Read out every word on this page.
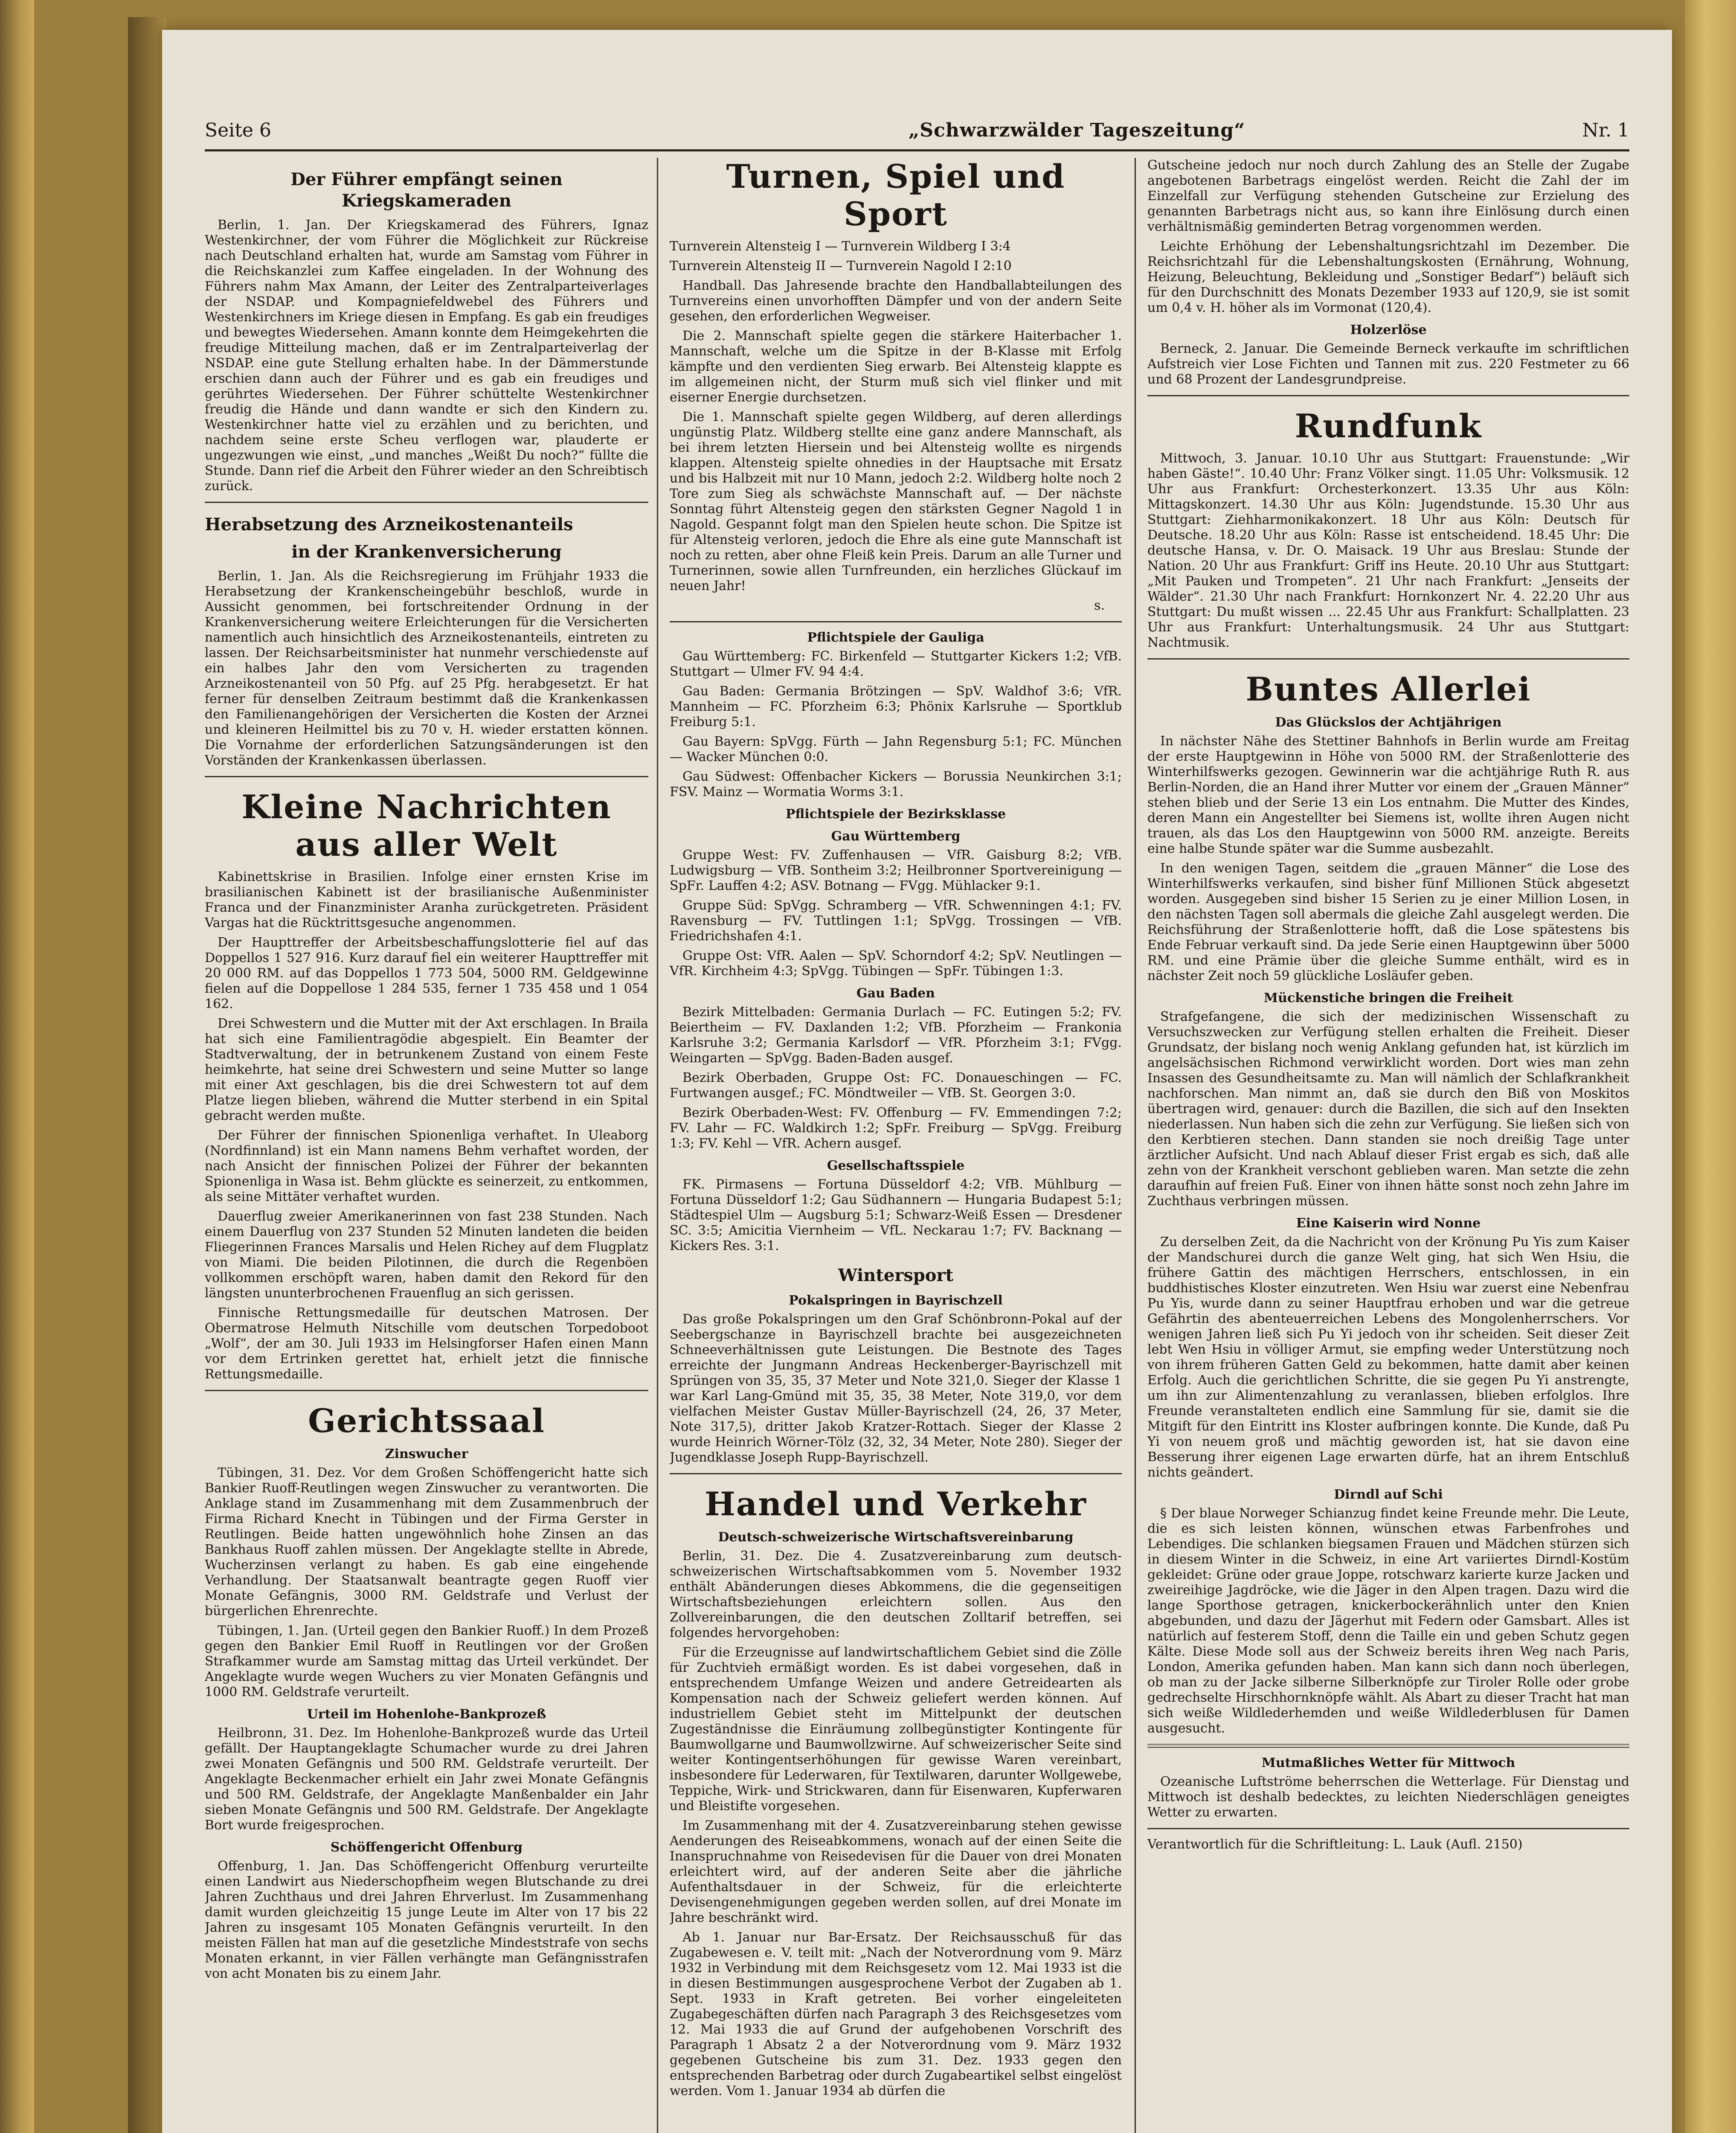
Seite 6	„Schwarzwälder Tageszeitung“	Nr. 1
Der Führer empfängt seinen Kriegskameraden

Berlin, 1. Jan. Der Kriegskamerad des Führers, Ignaz Westenkirchner, der vom Führer die Möglichkeit zur Rückreise nach Deutschland erhalten hat, wurde am Samstag vom Führer in die Reichskanzlei zum Kaffee eingeladen. In der Wohnung des Führers nahm Max Amann, der Leiter des Zentralparteiverlages der NSDAP. und Kompagniefeldwebel des Führers und Westenkirchners im Kriege diesen in Empfang. Es gab ein freudiges und bewegtes Wiedersehen. Amann konnte dem Heimgekehrten die freudige Mitteilung machen, daß er im Zentralparteiverlag der NSDAP. eine gute Stellung erhalten habe. In der Dämmerstunde erschien dann auch der Führer und es gab ein freudiges und gerührtes Wiedersehen. Der Führer schüttelte Westenkirchner freudig die Hände und dann wandte er sich den Kindern zu. Westenkirchner hatte viel zu erzählen und zu berichten, und nachdem seine erste Scheu verflogen war, plauderte er ungezwungen wie einst, „und manches „Weißt Du noch?“ füllte die Stunde. Dann rief die Arbeit den Führer wieder an den Schreibtisch zurück.

Herabsetzung des Arzneikostenanteils
in der Krankenversicherung

Berlin, 1. Jan. Als die Reichsregierung im Frühjahr 1933 die Herabsetzung der Krankenscheingebühr beschloß, wurde in Aussicht genommen, bei fortschreitender Ordnung in der Krankenversicherung weitere Erleichterungen für die Versicherten namentlich auch hinsichtlich des Arzneikostenanteils, eintreten zu lassen. Der Reichsarbeitsminister hat nunmehr verschiedenste auf ein halbes Jahr den vom Versicherten zu tragenden Arzneikostenanteil von 50 Pfg. auf 25 Pfg. herabgesetzt. Er hat ferner für denselben Zeitraum bestimmt daß die Krankenkassen den Familienangehörigen der Versicherten die Kosten der Arznei und kleineren Heilmittel bis zu 70 v. H. wieder erstatten können. Die Vornahme der erforderlichen Satzungsänderungen ist den Vorständen der Krankenkassen überlassen.

Kleine Nachrichten aus aller Welt

Kabinettskrise in Brasilien. Infolge einer ernsten Krise im brasilianischen Kabinett ist der brasilianische Außenminister Franca und der Finanzminister Aranha zurückgetreten. Präsident Vargas hat die Rücktrittsgesuche angenommen.

Der Haupttreffer der Arbeitsbeschaffungslotterie fiel auf das Doppellos 1 527 916. Kurz darauf fiel ein weiterer Haupttreffer mit 20 000 RM. auf das Doppellos 1 773 504, 5000 RM. Geldgewinne fielen auf die Doppellose 1 284 535, ferner 1 735 458 und 1 054 162.

Drei Schwestern und die Mutter mit der Axt erschlagen. In Braila hat sich eine Familientragödie abgespielt. Ein Beamter der Stadtverwaltung, der in betrunkenem Zustand von einem Feste heimkehrte, hat seine drei Schwestern und seine Mutter so lange mit einer Axt geschlagen, bis die drei Schwestern tot auf dem Platze liegen blieben, während die Mutter sterbend in ein Spital gebracht werden mußte.

Der Führer der finnischen Spionenliga verhaftet. In Uleaborg (Nordfinnland) ist ein Mann namens Behm verhaftet worden, der nach Ansicht der finnischen Polizei der Führer der bekannten Spionenliga in Wasa ist. Behm glückte es seinerzeit, zu entkommen, als seine Mittäter verhaftet wurden.

Dauerflug zweier Amerikanerinnen von fast 238 Stunden. Nach einem Dauerflug von 237 Stunden 52 Minuten landeten die beiden Fliegerinnen Frances Marsalis und Helen Richey auf dem Flugplatz von Miami. Die beiden Pilotinnen, die durch die Regenböen vollkommen erschöpft waren, haben damit den Rekord für den längsten ununterbrochenen Frauenflug an sich gerissen.

Finnische Rettungsmedaille für deutschen Matrosen. Der Obermatrose Helmuth Nitschille vom deutschen Torpedoboot „Wolf“, der am 30. Juli 1933 im Helsingforser Hafen einen Mann vor dem Ertrinken gerettet hat, erhielt jetzt die finnische Rettungsmedaille.

Gerichtssaal
Zinswucher

Tübingen, 31. Dez. Vor dem Großen Schöffengericht hatte sich Bankier Ruoff-Reutlingen wegen Zinswucher zu verantworten. Die Anklage stand im Zusammenhang mit dem Zusammenbruch der Firma Richard Knecht in Tübingen und der Firma Gerster in Reutlingen. Beide hatten ungewöhnlich hohe Zinsen an das Bankhaus Ruoff zahlen müssen. Der Angeklagte stellte in Abrede, Wucherzinsen verlangt zu haben. Es gab eine eingehende Verhandlung. Der Staatsanwalt beantragte gegen Ruoff vier Monate Gefängnis, 3000 RM. Geldstrafe und Verlust der bürgerlichen Ehrenrechte.

Tübingen, 1. Jan. (Urteil gegen den Bankier Ruoff.) In dem Prozeß gegen den Bankier Emil Ruoff in Reutlingen vor der Großen Strafkammer wurde am Samstag mittag das Urteil verkündet. Der Angeklagte wurde wegen Wuchers zu vier Monaten Gefängnis und 1000 RM. Geldstrafe verurteilt.

Urteil im Hohenlohe-Bankprozeß

Heilbronn, 31. Dez. Im Hohenlohe-Bankprozeß wurde das Urteil gefällt. Der Hauptangeklagte Schumacher wurde zu drei Jahren zwei Monaten Gefängnis und 500 RM. Geldstrafe verurteilt. Der Angeklagte Beckenmacher erhielt ein Jahr zwei Monate Gefängnis und 500 RM. Geldstrafe, der Angeklagte Manßenbalder ein Jahr sieben Monate Gefängnis und 500 RM. Geldstrafe. Der Angeklagte Bort wurde freigesprochen.

Schöffengericht Offenburg

Offenburg, 1. Jan. Das Schöffengericht Offenburg verurteilte einen Landwirt aus Niederschopfheim wegen Blutschande zu drei Jahren Zuchthaus und drei Jahren Ehrverlust. Im Zusammenhang damit wurden gleichzeitig 15 junge Leute im Alter von 17 bis 22 Jahren zu insgesamt 105 Monaten Gefängnis verurteilt. In den meisten Fällen hat man auf die gesetzliche Mindeststrafe von sechs Monaten erkannt, in vier Fällen verhängte man Gefängnisstrafen von acht Monaten bis zu einem Jahr.

Turnen, Spiel und Sport

Turnverein Altensteig I — Turnverein Wildberg I 3:4

Turnverein Altensteig II — Turnverein Nagold I 2:10

Handball. Das Jahresende brachte den Handballabteilungen des Turnvereins einen unvorhofften Dämpfer und von der andern Seite gesehen, den erforderlichen Wegweiser.

Die 2. Mannschaft spielte gegen die stärkere Haiterbacher 1. Mannschaft, welche um die Spitze in der B-Klasse mit Erfolg kämpfte und den verdienten Sieg erwarb. Bei Altensteig klappte es im allgemeinen nicht, der Sturm muß sich viel flinker und mit eiserner Energie durchsetzen.

Die 1. Mannschaft spielte gegen Wildberg, auf deren allerdings ungünstig Platz. Wildberg stellte eine ganz andere Mannschaft, als bei ihrem letzten Hiersein und bei Altensteig wollte es nirgends klappen. Altensteig spielte ohnedies in der Hauptsache mit Ersatz und bis Halbzeit mit nur 10 Mann, jedoch 2:2. Wildberg holte noch 2 Tore zum Sieg als schwächste Mannschaft auf. — Der nächste Sonntag führt Altensteig gegen den stärksten Gegner Nagold 1 in Nagold. Gespannt folgt man den Spielen heute schon. Die Spitze ist für Altensteig verloren, jedoch die Ehre als eine gute Mannschaft ist noch zu retten, aber ohne Fleiß kein Preis. Darum an alle Turner und Turnerinnen, sowie allen Turnfreunden, ein herzliches Glückauf im neuen Jahr!

s.
Pflichtspiele der Gauliga

Gau Württemberg: FC. Birkenfeld — Stuttgarter Kickers 1:2; VfB. Stuttgart — Ulmer FV. 94 4:4.

Gau Baden: Germania Brötzingen — SpV. Waldhof 3:6; VfR. Mannheim — FC. Pforzheim 6:3; Phönix Karlsruhe — Sportklub Freiburg 5:1.

Gau Bayern: SpVgg. Fürth — Jahn Regensburg 5:1; FC. München — Wacker München 0:0.

Gau Südwest: Offenbacher Kickers — Borussia Neunkirchen 3:1; FSV. Mainz — Wormatia Worms 3:1.

Pflichtspiele der Bezirksklasse
Gau Württemberg

Gruppe West: FV. Zuffenhausen — VfR. Gaisburg 8:2; VfB. Ludwigsburg — VfB. Sontheim 3:2; Heilbronner Sportvereinigung — SpFr. Lauffen 4:2; ASV. Botnang — FVgg. Mühlacker 9:1.

Gruppe Süd: SpVgg. Schramberg — VfR. Schwenningen 4:1; FV. Ravensburg — FV. Tuttlingen 1:1; SpVgg. Trossingen — VfB. Friedrichshafen 4:1.

Gruppe Ost: VfR. Aalen — SpV. Schorndorf 4:2; SpV. Neutlingen — VfR. Kirchheim 4:3; SpVgg. Tübingen — SpFr. Tübingen 1:3.

Gau Baden

Bezirk Mittelbaden: Germania Durlach — FC. Eutingen 5:2; FV. Beiertheim — FV. Daxlanden 1:2; VfB. Pforzheim — Frankonia Karlsruhe 3:2; Germania Karlsdorf — VfR. Pforzheim 3:1; FVgg. Weingarten — SpVgg. Baden-Baden ausgef.

Bezirk Oberbaden, Gruppe Ost: FC. Donaueschingen — FC. Furtwangen ausgef.; FC. Möndtweiler — VfB. St. Georgen 3:0.

Bezirk Oberbaden-West: FV. Offenburg — FV. Emmendingen 7:2; FV. Lahr — FC. Waldkirch 1:2; SpFr. Freiburg — SpVgg. Freiburg 1:3; FV. Kehl — VfR. Achern ausgef.

Gesellschaftsspiele

FK. Pirmasens — Fortuna Düsseldorf 4:2; VfB. Mühlburg — Fortuna Düsseldorf 1:2; Gau Südhannern — Hungaria Budapest 5:1; Städtespiel Ulm — Augsburg 5:1; Schwarz-Weiß Essen — Dresdener SC. 3:5; Amicitia Viernheim — VfL. Neckarau 1:7; FV. Backnang — Kickers Res. 3:1.

Wintersport
Pokalspringen in Bayrischzell

Das große Pokalspringen um den Graf Schönbronn-Pokal auf der Seebergschanze in Bayrischzell brachte bei ausgezeichneten Schneeverhältnissen gute Leistungen. Die Bestnote des Tages erreichte der Jungmann Andreas Heckenberger-Bayrischzell mit Sprüngen von 35, 35, 37 Meter und Note 321,0. Sieger der Klasse 1 war Karl Lang-Gmünd mit 35, 35, 38 Meter, Note 319,0, vor dem vielfachen Meister Gustav Müller-Bayrischzell (24, 26, 37 Meter, Note 317,5), dritter Jakob Kratzer-Rottach. Sieger der Klasse 2 wurde Heinrich Wörner-Tölz (32, 32, 34 Meter, Note 280). Sieger der Jugendklasse Joseph Rupp-Bayrischzell.

Handel und Verkehr
Deutsch-schweizerische Wirtschaftsvereinbarung

Berlin, 31. Dez. Die 4. Zusatzvereinbarung zum deutsch-schweizerischen Wirtschaftsabkommen vom 5. November 1932 enthält Abänderungen dieses Abkommens, die die gegenseitigen Wirtschaftsbeziehungen erleichtern sollen. Aus den Zollvereinbarungen, die den deutschen Zolltarif betreffen, sei folgendes hervorgehoben:

Für die Erzeugnisse auf landwirtschaftlichem Gebiet sind die Zölle für Zuchtvieh ermäßigt worden. Es ist dabei vorgesehen, daß in entsprechendem Umfange Weizen und andere Getreidearten als Kompensation nach der Schweiz geliefert werden können. Auf industriellem Gebiet steht im Mittelpunkt der deutschen Zugeständnisse die Einräumung zollbegünstigter Kontingente für Baumwollgarne und Baumwollzwirne. Auf schweizerischer Seite sind weiter Kontingentserhöhungen für gewisse Waren vereinbart, insbesondere für Lederwaren, für Textilwaren, darunter Wollgewebe, Teppiche, Wirk- und Strickwaren, dann für Eisenwaren, Kupferwaren und Bleistifte vorgesehen.

Im Zusammenhang mit der 4. Zusatzvereinbarung stehen gewisse Aenderungen des Reiseabkommens, wonach auf der einen Seite die Inanspruchnahme von Reisedevisen für die Dauer von drei Monaten erleichtert wird, auf der anderen Seite aber die jährliche Aufenthaltsdauer in der Schweiz, für die erleichterte Devisengenehmigungen gegeben werden sollen, auf drei Monate im Jahre beschränkt wird.

Ab 1. Januar nur Bar-Ersatz. Der Reichsausschuß für das Zugabewesen e. V. teilt mit: „Nach der Notverordnung vom 9. März 1932 in Verbindung mit dem Reichsgesetz vom 12. Mai 1933 ist die in diesen Bestimmungen ausgesprochene Verbot der Zugaben ab 1. Sept. 1933 in Kraft getreten. Bei vorher eingeleiteten Zugabegeschäften dürfen nach Paragraph 3 des Reichsgesetzes vom 12. Mai 1933 die auf Grund der aufgehobenen Vorschrift des Paragraph 1 Absatz 2 a der Notverordnung vom 9. März 1932 gegebenen Gutscheine bis zum 31. Dez. 1933 gegen den entsprechenden Barbetrag oder durch Zugabeartikel selbst eingelöst werden. Vom 1. Januar 1934 ab dürfen die

Gutscheine jedoch nur noch durch Zahlung des an Stelle der Zugabe angebotenen Barbetrags eingelöst werden. Reicht die Zahl der im Einzelfall zur Verfügung stehenden Gutscheine zur Erzielung des genannten Barbetrags nicht aus, so kann ihre Einlösung durch einen verhältnismäßig geminderten Betrag vorgenommen werden.

Leichte Erhöhung der Lebenshaltungsrichtzahl im Dezember. Die Reichsrichtzahl für die Lebenshaltungskosten (Ernährung, Wohnung, Heizung, Beleuchtung, Bekleidung und „Sonstiger Bedarf“) beläuft sich für den Durchschnitt des Monats Dezember 1933 auf 120,9, sie ist somit um 0,4 v. H. höher als im Vormonat (120,4).

Holzerlöse

Berneck, 2. Januar. Die Gemeinde Berneck verkaufte im schriftlichen Aufstreich vier Lose Fichten und Tannen mit zus. 220 Festmeter zu 66 und 68 Prozent der Landesgrundpreise.

Rundfunk

Mittwoch, 3. Januar. 10.10 Uhr aus Stuttgart: Frauenstunde: „Wir haben Gäste!“. 10.40 Uhr: Franz Völker singt. 11.05 Uhr: Volksmusik. 12 Uhr aus Frankfurt: Orchesterkonzert. 13.35 Uhr aus Köln: Mittagskonzert. 14.30 Uhr aus Köln: Jugendstunde. 15.30 Uhr aus Stuttgart: Ziehharmonikakonzert. 18 Uhr aus Köln: Deutsch für Deutsche. 18.20 Uhr aus Köln: Rasse ist entscheidend. 18.45 Uhr: Die deutsche Hansa, v. Dr. O. Maisack. 19 Uhr aus Breslau: Stunde der Nation. 20 Uhr aus Frankfurt: Griff ins Heute. 20.10 Uhr aus Stuttgart: „Mit Pauken und Trompeten“. 21 Uhr nach Frankfurt: „Jenseits der Wälder“. 21.30 Uhr nach Frankfurt: Hornkonzert Nr. 4. 22.20 Uhr aus Stuttgart: Du mußt wissen ... 22.45 Uhr aus Frankfurt: Schallplatten. 23 Uhr aus Frankfurt: Unterhaltungsmusik. 24 Uhr aus Stuttgart: Nachtmusik.

Buntes Allerlei
Das Glückslos der Achtjährigen

In nächster Nähe des Stettiner Bahnhofs in Berlin wurde am Freitag der erste Hauptgewinn in Höhe von 5000 RM. der Straßenlotterie des Winterhilfswerks gezogen. Gewinnerin war die achtjährige Ruth R. aus Berlin-Norden, die an Hand ihrer Mutter vor einem der „Grauen Männer“ stehen blieb und der Serie 13 ein Los entnahm. Die Mutter des Kindes, deren Mann ein Angestellter bei Siemens ist, wollte ihren Augen nicht trauen, als das Los den Hauptgewinn von 5000 RM. anzeigte. Bereits eine halbe Stunde später war die Summe ausbezahlt.

In den wenigen Tagen, seitdem die „grauen Männer“ die Lose des Winterhilfswerks verkaufen, sind bisher fünf Millionen Stück abgesetzt worden. Ausgegeben sind bisher 15 Serien zu je einer Million Losen, in den nächsten Tagen soll abermals die gleiche Zahl ausgelegt werden. Die Reichsführung der Straßenlotterie hofft, daß die Lose spätestens bis Ende Februar verkauft sind. Da jede Serie einen Hauptgewinn über 5000 RM. und eine Prämie über die gleiche Summe enthält, wird es in nächster Zeit noch 59 glückliche Losläufer geben.

Mückenstiche bringen die Freiheit

Strafgefangene, die sich der medizinischen Wissenschaft zu Versuchszwecken zur Verfügung stellen erhalten die Freiheit. Dieser Grundsatz, der bislang noch wenig Anklang gefunden hat, ist kürzlich im angelsächsischen Richmond verwirklicht worden. Dort wies man zehn Insassen des Gesundheitsamte zu. Man will nämlich der Schlafkrankheit nachforschen. Man nimmt an, daß sie durch den Biß von Moskitos übertragen wird, genauer: durch die Bazillen, die sich auf den Insekten niederlassen. Nun haben sich die zehn zur Verfügung. Sie ließen sich von den Kerbtieren stechen. Dann standen sie noch dreißig Tage unter ärztlicher Aufsicht. Und nach Ablauf dieser Frist ergab es sich, daß alle zehn von der Krankheit verschont geblieben waren. Man setzte die zehn daraufhin auf freien Fuß. Einer von ihnen hätte sonst noch zehn Jahre im Zuchthaus verbringen müssen.

Eine Kaiserin wird Nonne

Zu derselben Zeit, da die Nachricht von der Krönung Pu Yis zum Kaiser der Mandschurei durch die ganze Welt ging, hat sich Wen Hsiu, die frühere Gattin des mächtigen Herrschers, entschlossen, in ein buddhistisches Kloster einzutreten. Wen Hsiu war zuerst eine Nebenfrau Pu Yis, wurde dann zu seiner Hauptfrau erhoben und war die getreue Gefährtin des abenteuerreichen Lebens des Mongolenherrschers. Vor wenigen Jahren ließ sich Pu Yi jedoch von ihr scheiden. Seit dieser Zeit lebt Wen Hsiu in völliger Armut, sie empfing weder Unterstützung noch von ihrem früheren Gatten Geld zu bekommen, hatte damit aber keinen Erfolg. Auch die gerichtlichen Schritte, die sie gegen Pu Yi anstrengte, um ihn zur Alimentenzahlung zu veranlassen, blieben erfolglos. Ihre Freunde veranstalteten endlich eine Sammlung für sie, damit sie die Mitgift für den Eintritt ins Kloster aufbringen konnte. Die Kunde, daß Pu Yi von neuem groß und mächtig geworden ist, hat sie davon eine Besserung ihrer eigenen Lage erwarten dürfe, hat an ihrem Entschluß nichts geändert.

Dirndl auf Schi

§ Der blaue Norweger Schianzug findet keine Freunde mehr. Die Leute, die es sich leisten können, wünschen etwas Farbenfrohes und Lebendiges. Die schlanken biegsamen Frauen und Mädchen stürzen sich in diesem Winter in die Schweiz, in eine Art variiertes Dirndl-Kostüm gekleidet: Grüne oder graue Joppe, rotschwarz karierte kurze Jacken und zweireihige Jagdröcke, wie die Jäger in den Alpen tragen. Dazu wird die lange Sporthose getragen, knickerbockerähnlich unter den Knien abgebunden, und dazu der Jägerhut mit Federn oder Gamsbart. Alles ist natürlich auf festerem Stoff, denn die Taille ein und geben Schutz gegen Kälte. Diese Mode soll aus der Schweiz bereits ihren Weg nach Paris, London, Amerika gefunden haben. Man kann sich dann noch überlegen, ob man zu der Jacke silberne Silberknöpfe zur Tiroler Rolle oder grobe gedrechselte Hirschhornknöpfe wählt. Als Abart zu dieser Tracht hat man sich weiße Wildlederhemden und weiße Wildlederblusen für Damen ausgesucht.

Mutmaßliches Wetter für Mittwoch

Ozeanische Luftströme beherrschen die Wetterlage. Für Dienstag und Mittwoch ist deshalb bedecktes, zu leichten Niederschlägen geneigtes Wetter zu erwarten.

Verantwortlich für die Schriftleitung: L. Lauk (Aufl. 2150)
